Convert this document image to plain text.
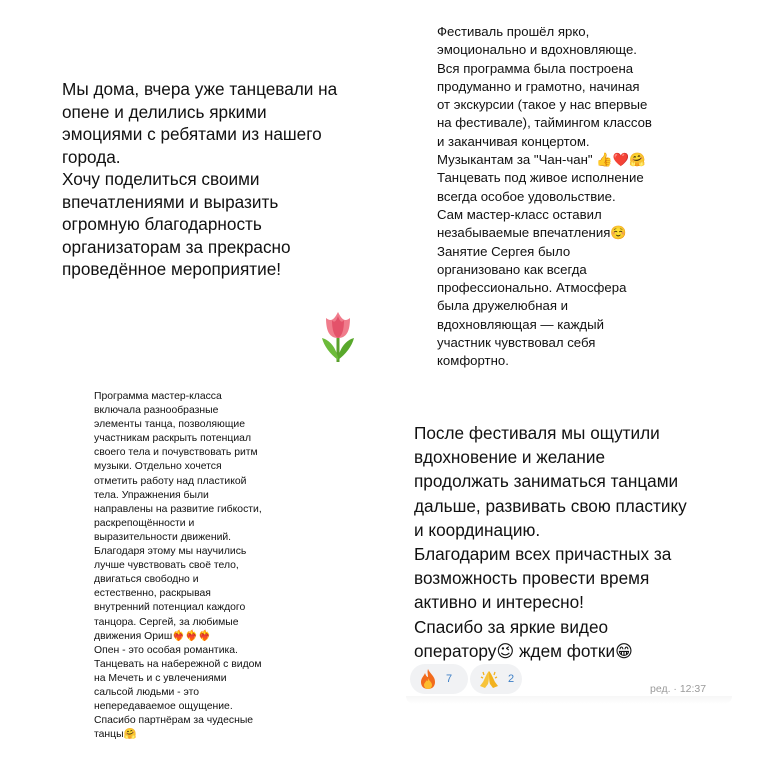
Мы дома, вчера уже танцевали на
опене и делились яркими
эмоциями с ребятами из нашего
города.
Хочу поделиться своими
впечатлениями и выразить
огромную благодарность
организаторам за прекрасно
проведённое мероприятие!

Фестиваль прошёл ярко,
эмоционально и вдохновляюще.
Вся программа была построена
продуманно и грамотно, начиная
от экскурсии (такое у нас впервые
на фестивале), таймингом классов
и заканчивая концертом.
Музыкантам за "Чан-чан" 👍❤️🤗
Танцевать под живое исполнение
всегда особое удовольствие.
Сам мастер-класс оставил
незабываемые впечатления☺️
Занятие Сергея было
организовано как всегда
профессионально. Атмосфера
была дружелюбная и
вдохновляющая — каждый
участник чувствовал себя
комфортно.

Программа мастер-класса
включала разнообразные
элементы танца, позволяющие
участникам раскрыть потенциал
своего тела и почувствовать ритм
музыки. Отдельно хочется
отметить работу над пластикой
тела. Упражнения были
направлены на развитие гибкости,
раскрепощённости и
выразительности движений.
Благодаря этому мы научились
лучше чувствовать своё тело,
двигаться свободно и
естественно, раскрывая
внутренний потенциал каждого
танцора. Сергей, за любимые
движения Ориш❤️‍🔥❤️‍🔥❤️‍🔥
Опен - это особая романтика.
Танцевать на набережной с видом
на Мечеть и с увлечениями
сальсой людьми - это
непередаваемое ощущение.
Спасибо партнёрам за чудесные
танцы🤗

После фестиваля мы ощутили
вдохновение и желание
продолжать заниматься танцами
дальше, развивать свою пластику
и координацию.
Благодарим всех причастных за
возможность провести время
активно и интересно!
Спасибо за яркие видео
оператору😉 ждем фотки😁

7	2
ред. · 12:37
